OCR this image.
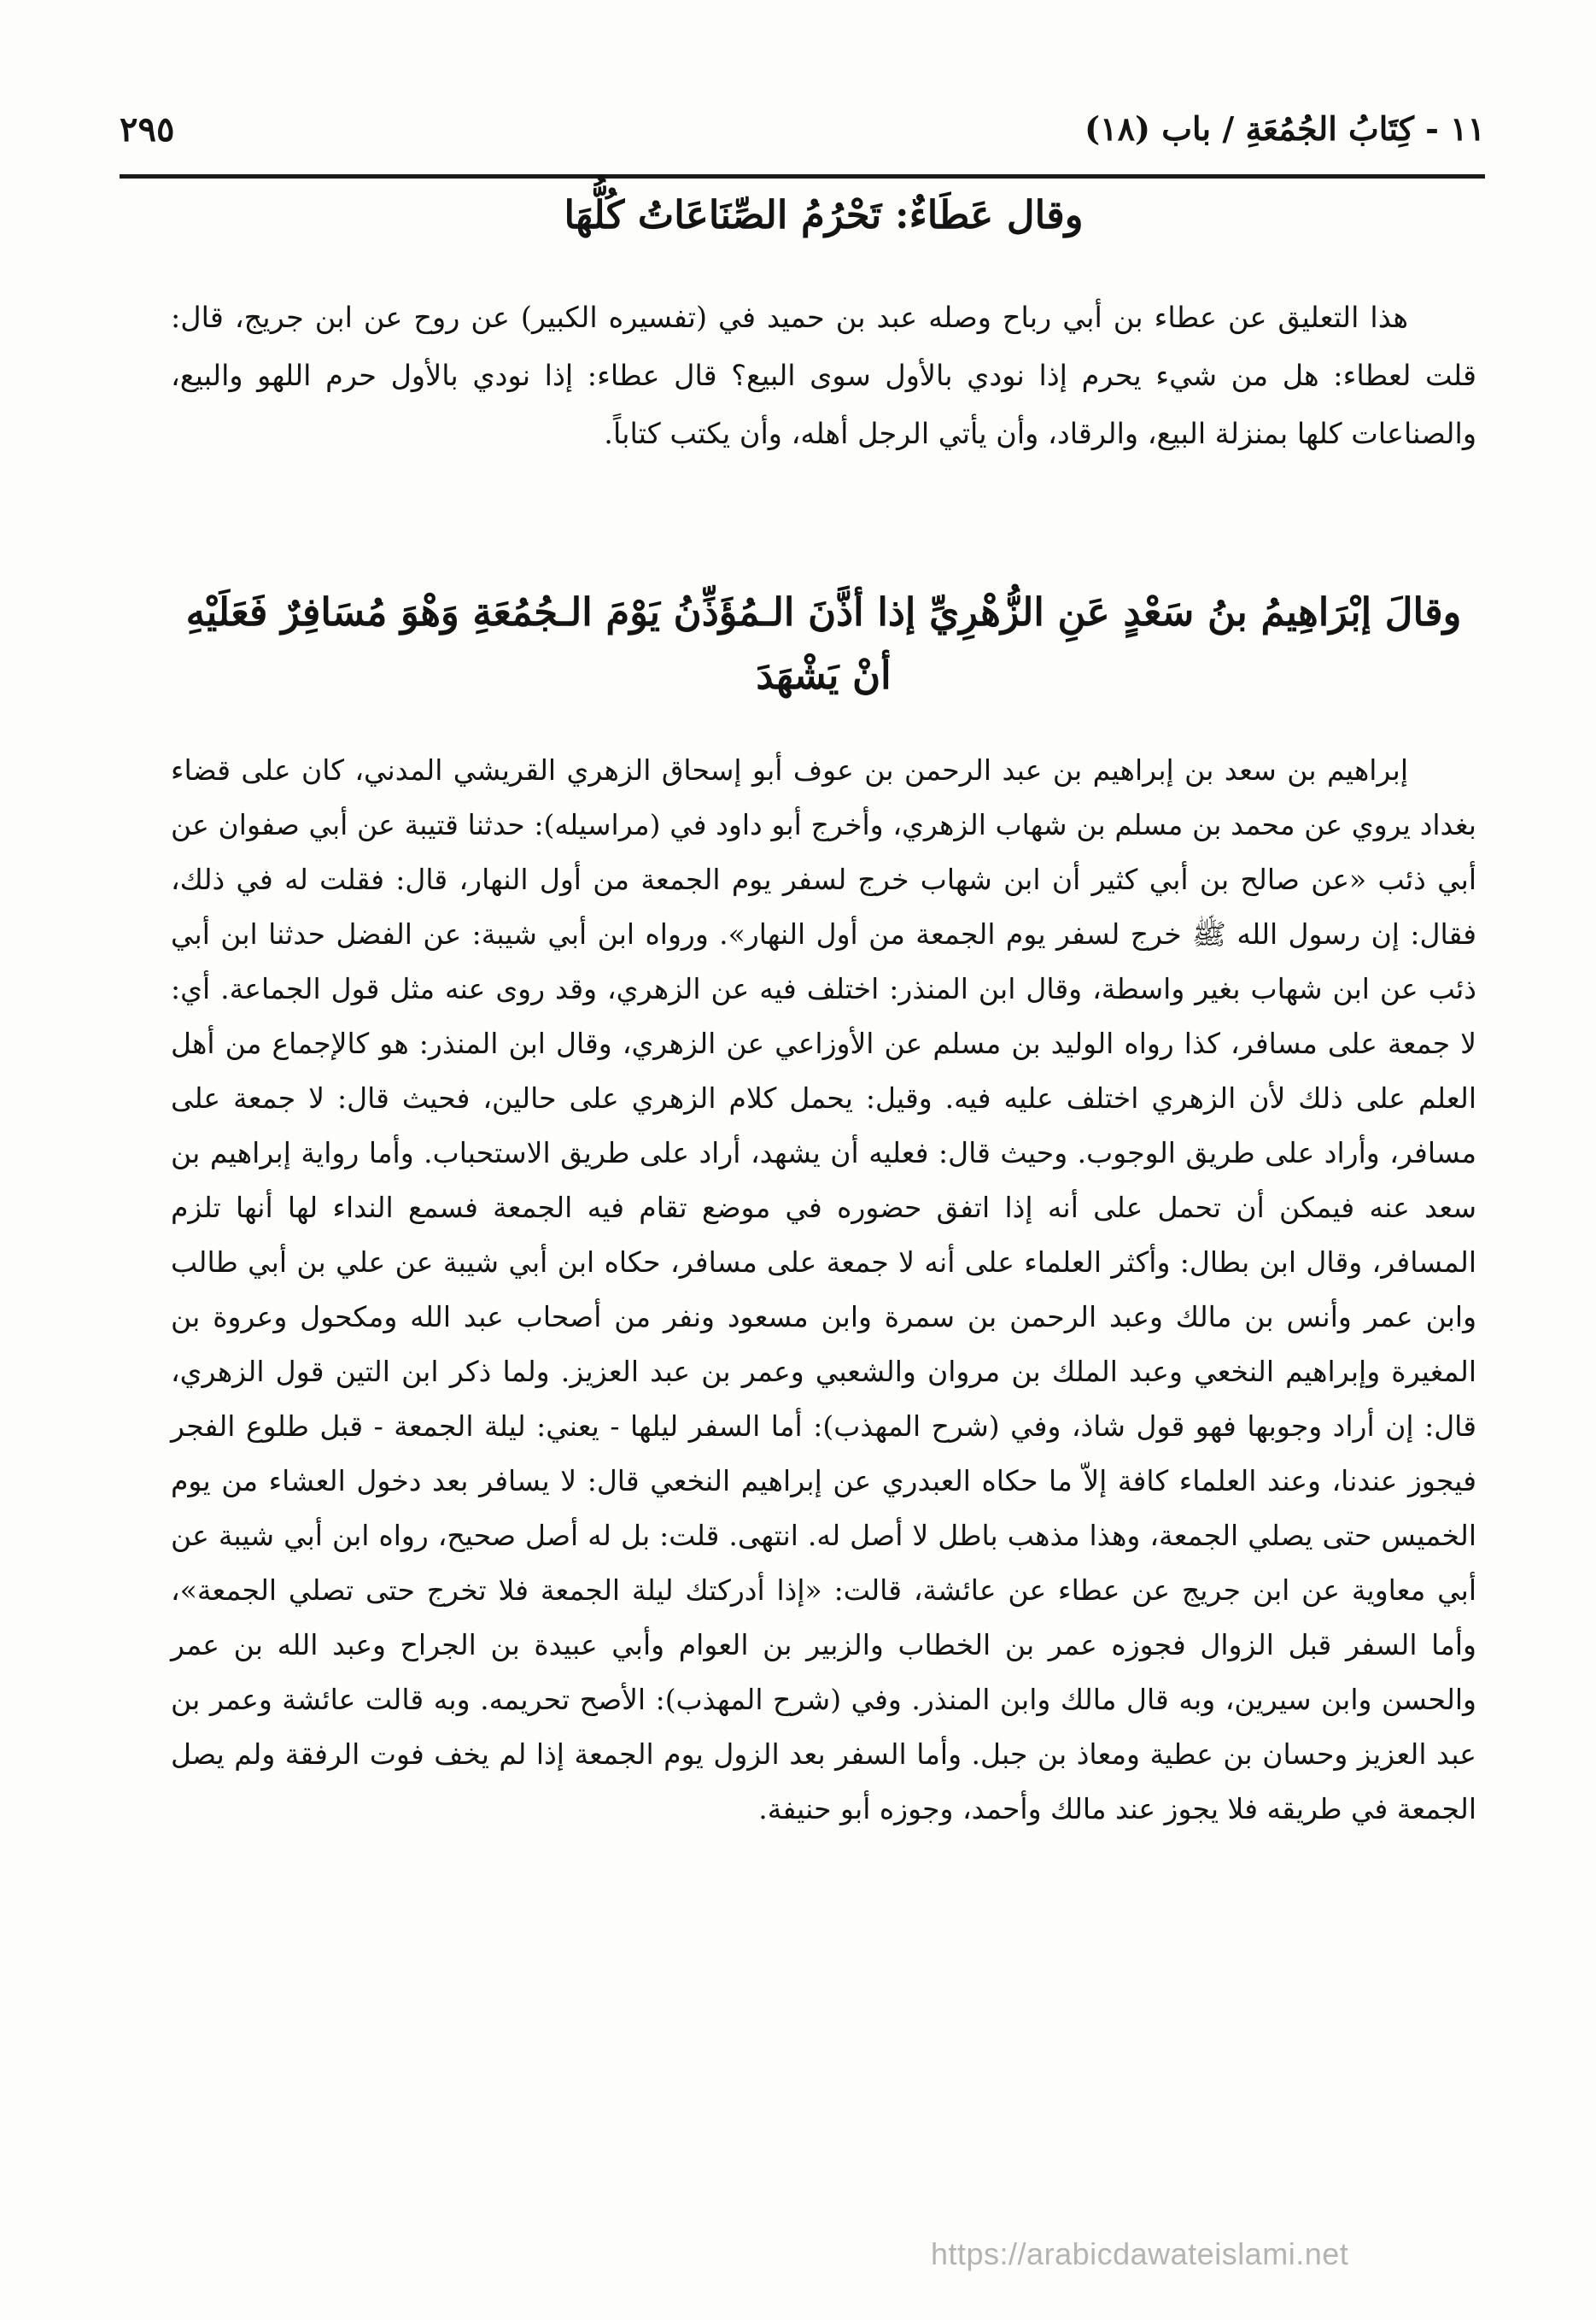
١١ - كِتَابُ الجُمُعَةِ / باب (١٨)
٢٩٥
وقال عَطَاءٌ: تَحْرُمُ الصِّنَاعَاتُ كُلُّهَا
هذا التعليق عن عطاء بن أبي رباح وصله عبد بن حميد في (تفسيره الكبير) عن روح عن ابن جريج، قال: قلت لعطاء: هل من شيء يحرم إذا نودي بالأول سوى البيع؟ قال عطاء: إذا نودي بالأول حرم اللهو والبيع، والصناعات كلها بمنزلة البيع، والرقاد، وأن يأتي الرجل أهله، وأن يكتب كتاباً.
وقالَ إبْرَاهِيمُ بنُ سَعْدٍ عَنِ الزُّهْرِيِّ إذا أذَّنَ الـمُؤَذِّنُ يَوْمَ الـجُمُعَةِ وَهْوَ مُسَافِرٌ فَعَلَيْهِ أنْ يَشْهَدَ
إبراهيم بن سعد بن إبراهيم بن عبد الرحمن بن عوف أبو إسحاق الزهري القريشي المدني، كان على قضاء بغداد يروي عن محمد بن مسلم بن شهاب الزهري، وأخرج أبو داود في (مراسيله): حدثنا قتيبة عن أبي صفوان عن أبي ذئب «عن صالح بن أبي كثير أن ابن شهاب خرج لسفر يوم الجمعة من أول النهار، قال: فقلت له في ذلك، فقال: إن رسول الله ﷺ خرج لسفر يوم الجمعة من أول النهار». ورواه ابن أبي شيبة: عن الفضل حدثنا ابن أبي ذئب عن ابن شهاب بغير واسطة، وقال ابن المنذر: اختلف فيه عن الزهري، وقد روى عنه مثل قول الجماعة. أي: لا جمعة على مسافر، كذا رواه الوليد بن مسلم عن الأوزاعي عن الزهري، وقال ابن المنذر: هو كالإجماع من أهل العلم على ذلك لأن الزهري اختلف عليه فيه. وقيل: يحمل كلام الزهري على حالين، فحيث قال: لا جمعة على مسافر، وأراد على طريق الوجوب. وحيث قال: فعليه أن يشهد، أراد على طريق الاستحباب. وأما رواية إبراهيم بن سعد عنه فيمكن أن تحمل على أنه إذا اتفق حضوره في موضع تقام فيه الجمعة فسمع النداء لها أنها تلزم المسافر، وقال ابن بطال: وأكثر العلماء على أنه لا جمعة على مسافر، حكاه ابن أبي شيبة عن علي بن أبي طالب وابن عمر وأنس بن مالك وعبد الرحمن بن سمرة وابن مسعود ونفر من أصحاب عبد الله ومكحول وعروة بن المغيرة وإبراهيم النخعي وعبد الملك بن مروان والشعبي وعمر بن عبد العزيز. ولما ذكر ابن التين قول الزهري، قال: إن أراد وجوبها فهو قول شاذ، وفي (شرح المهذب): أما السفر ليلها - يعني: ليلة الجمعة - قبل طلوع الفجر فيجوز عندنا، وعند العلماء كافة إلاّ ما حكاه العبدري عن إبراهيم النخعي قال: لا يسافر بعد دخول العشاء من يوم الخميس حتى يصلي الجمعة، وهذا مذهب باطل لا أصل له. انتهى. قلت: بل له أصل صحيح، رواه ابن أبي شيبة عن أبي معاوية عن ابن جريج عن عطاء عن عائشة، قالت: «إذا أدركتك ليلة الجمعة فلا تخرج حتى تصلي الجمعة»، وأما السفر قبل الزوال فجوزه عمر بن الخطاب والزبير بن العوام وأبي عبيدة بن الجراح وعبد الله بن عمر والحسن وابن سيرين، وبه قال مالك وابن المنذر. وفي (شرح المهذب): الأصح تحريمه. وبه قالت عائشة وعمر بن عبد العزيز وحسان بن عطية ومعاذ بن جبل. وأما السفر بعد الزول يوم الجمعة إذا لم يخف فوت الرفقة ولم يصل الجمعة في طريقه فلا يجوز عند مالك وأحمد، وجوزه أبو حنيفة.
https://arabicdawateislami.net
